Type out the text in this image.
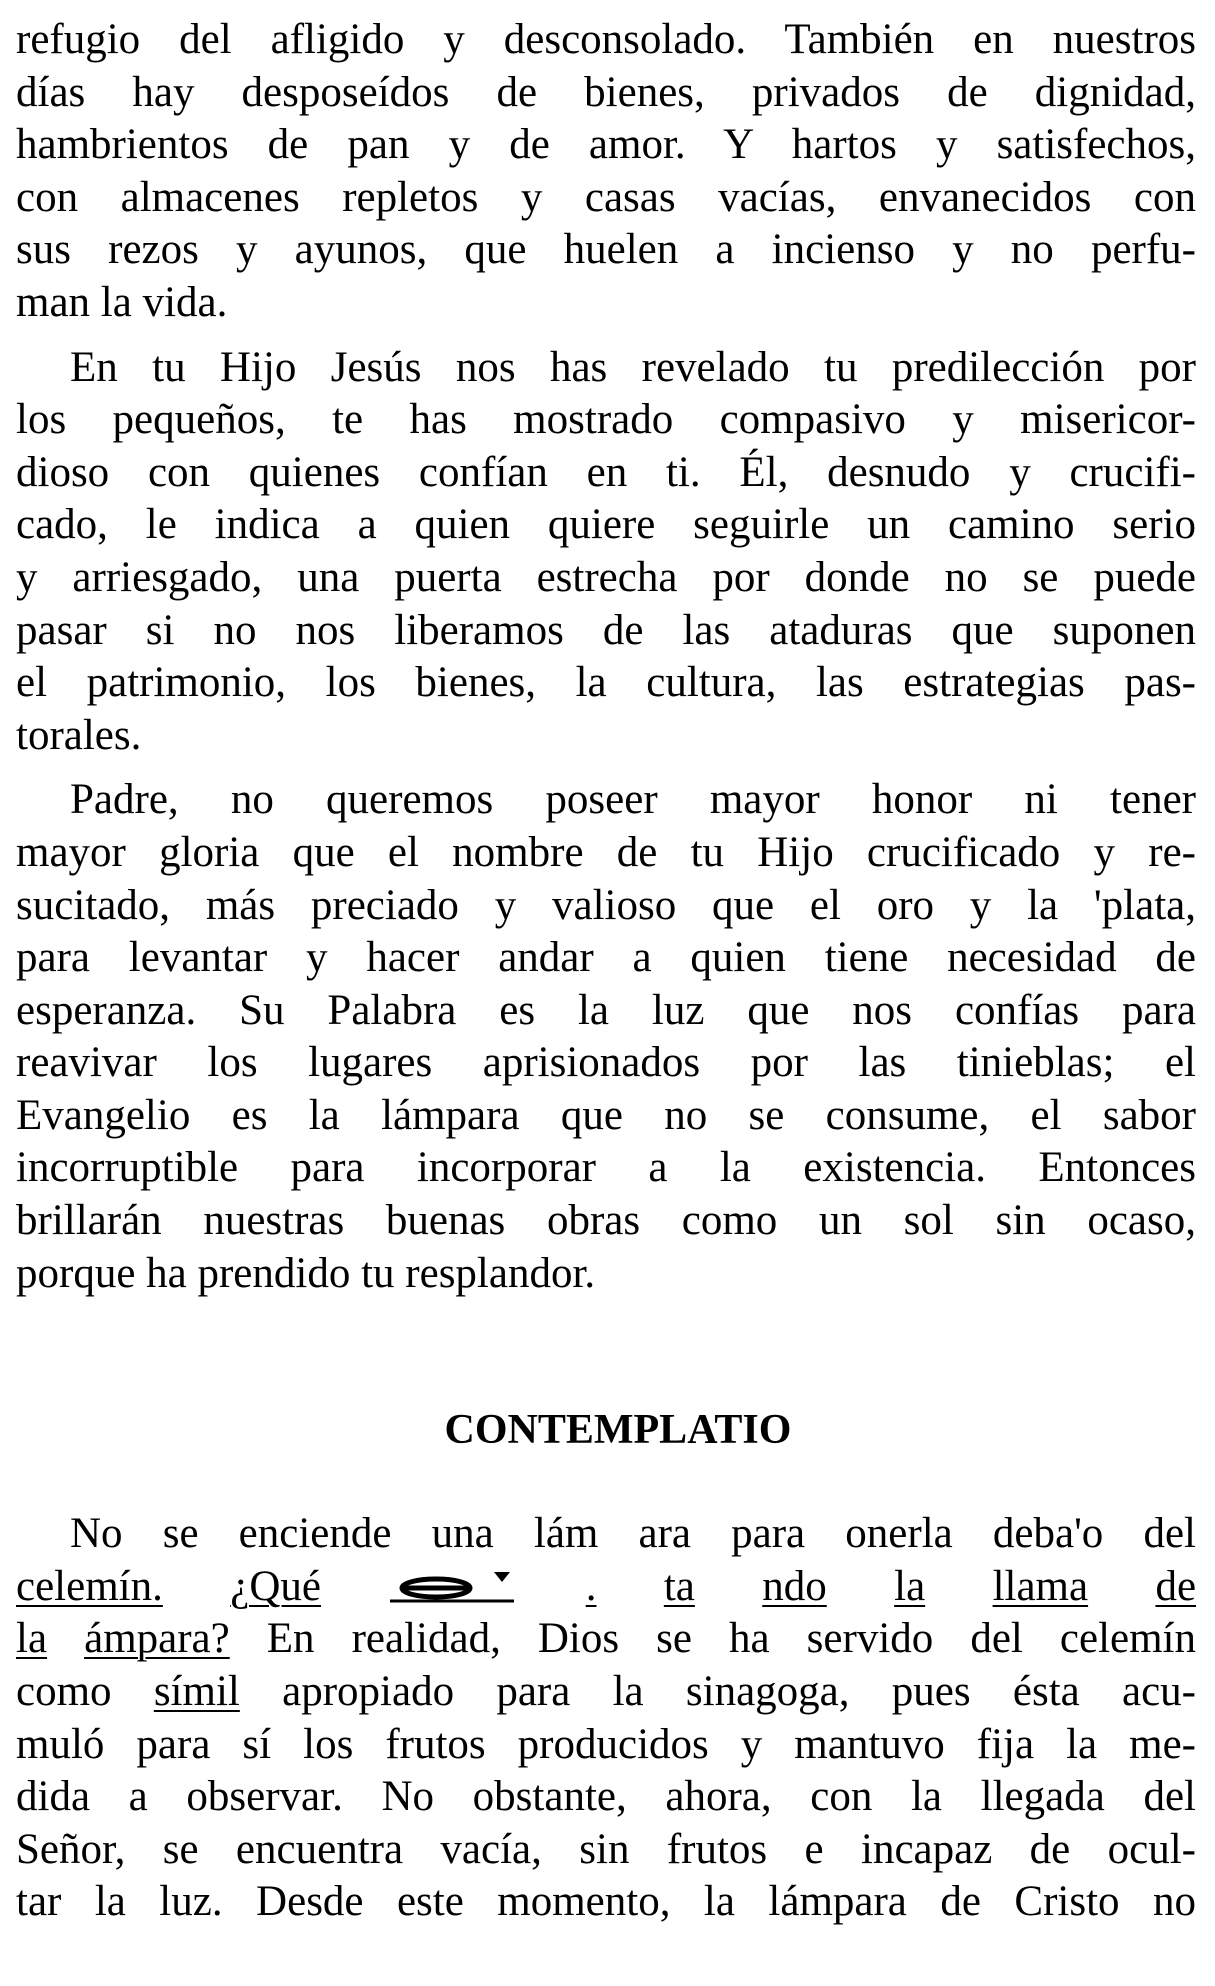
refugio del afligido y desconsolado. También en nuestros
días hay desposeídos de bienes, privados de dignidad,
hambrientos de pan y de amor. Y hartos y satisfechos,
con almacenes repletos y casas vacías, envanecidos con
sus rezos y ayunos, que huelen a incienso y no perfu-
man la vida.
En tu Hijo Jesús nos has revelado tu predilección por
los pequeños, te has mostrado compasivo y misericor-
dioso con quienes confían en ti. Él, desnudo y crucifi-
cado, le indica a quien quiere seguirle un camino serio
y arriesgado, una puerta estrecha por donde no se puede
pasar si no nos liberamos de las ataduras que suponen
el patrimonio, los bienes, la cultura, las estrategias pas-
torales.
Padre, no queremos poseer mayor honor ni tener
mayor gloria que el nombre de tu Hijo crucificado y re-
sucitado, más preciado y valioso que el oro y la 'plata,
para levantar y hacer andar a quien tiene necesidad de
esperanza. Su Palabra es la luz que nos confías para
reavivar los lugares aprisionados por las tinieblas; el
Evangelio es la lámpara que no se consume, el sabor
incorruptible para incorporar a la existencia. Entonces
brillarán nuestras buenas obras como un sol sin ocaso,
porque ha prendido tu resplandor.
CONTEMPLATIO
No se enciende una lám ara para onerla deba'o del
celemín. ¿Qué	. ta ndo la llama de
la ámpara? En realidad, Dios se ha servido del celemín
como símil apropiado para la sinagoga, pues ésta acu-
muló para sí los frutos producidos y mantuvo fija la me-
dida a observar. No obstante, ahora, con la llegada del
Señor, se encuentra vacía, sin frutos e incapaz de ocul-
tar la luz. Desde este momento, la lámpara de Cristo no
